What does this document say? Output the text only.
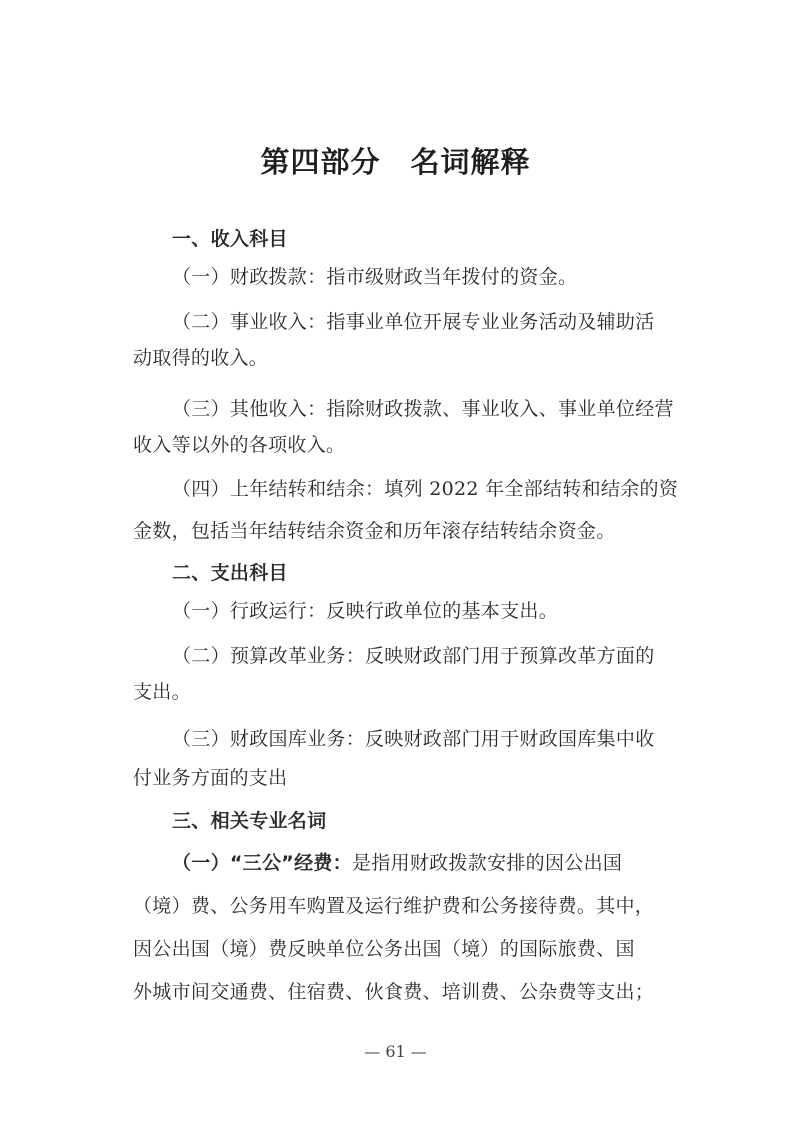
第四部分　名词解释
一、收入科目
（一）财政拨款：指市级财政当年拨付的资金。
（二）事业收入：指事业单位开展专业业务活动及辅助活
动取得的收入。
（三）其他收入：指除财政拨款、事业收入、事业单位经营
收入等以外的各项收入。
（四）上年结转和结余：填列 2022 年全部结转和结余的资
金数，包括当年结转结余资金和历年滚存结转结余资金。
二、支出科目
（一）行政运行：反映行政单位的基本支出。
（二）预算改革业务：反映财政部门用于预算改革方面的
支出。
（三）财政国库业务：反映财政部门用于财政国库集中收
付业务方面的支出
三、相关专业名词
（一）“三公”经费：是指用财政拨款安排的因公出国
（境）费、公务用车购置及运行维护费和公务接待费。其中，
因公出国（境）费反映单位公务出国（境）的国际旅费、国
外城市间交通费、住宿费、伙食费、培训费、公杂费等支出；
— 61 —
